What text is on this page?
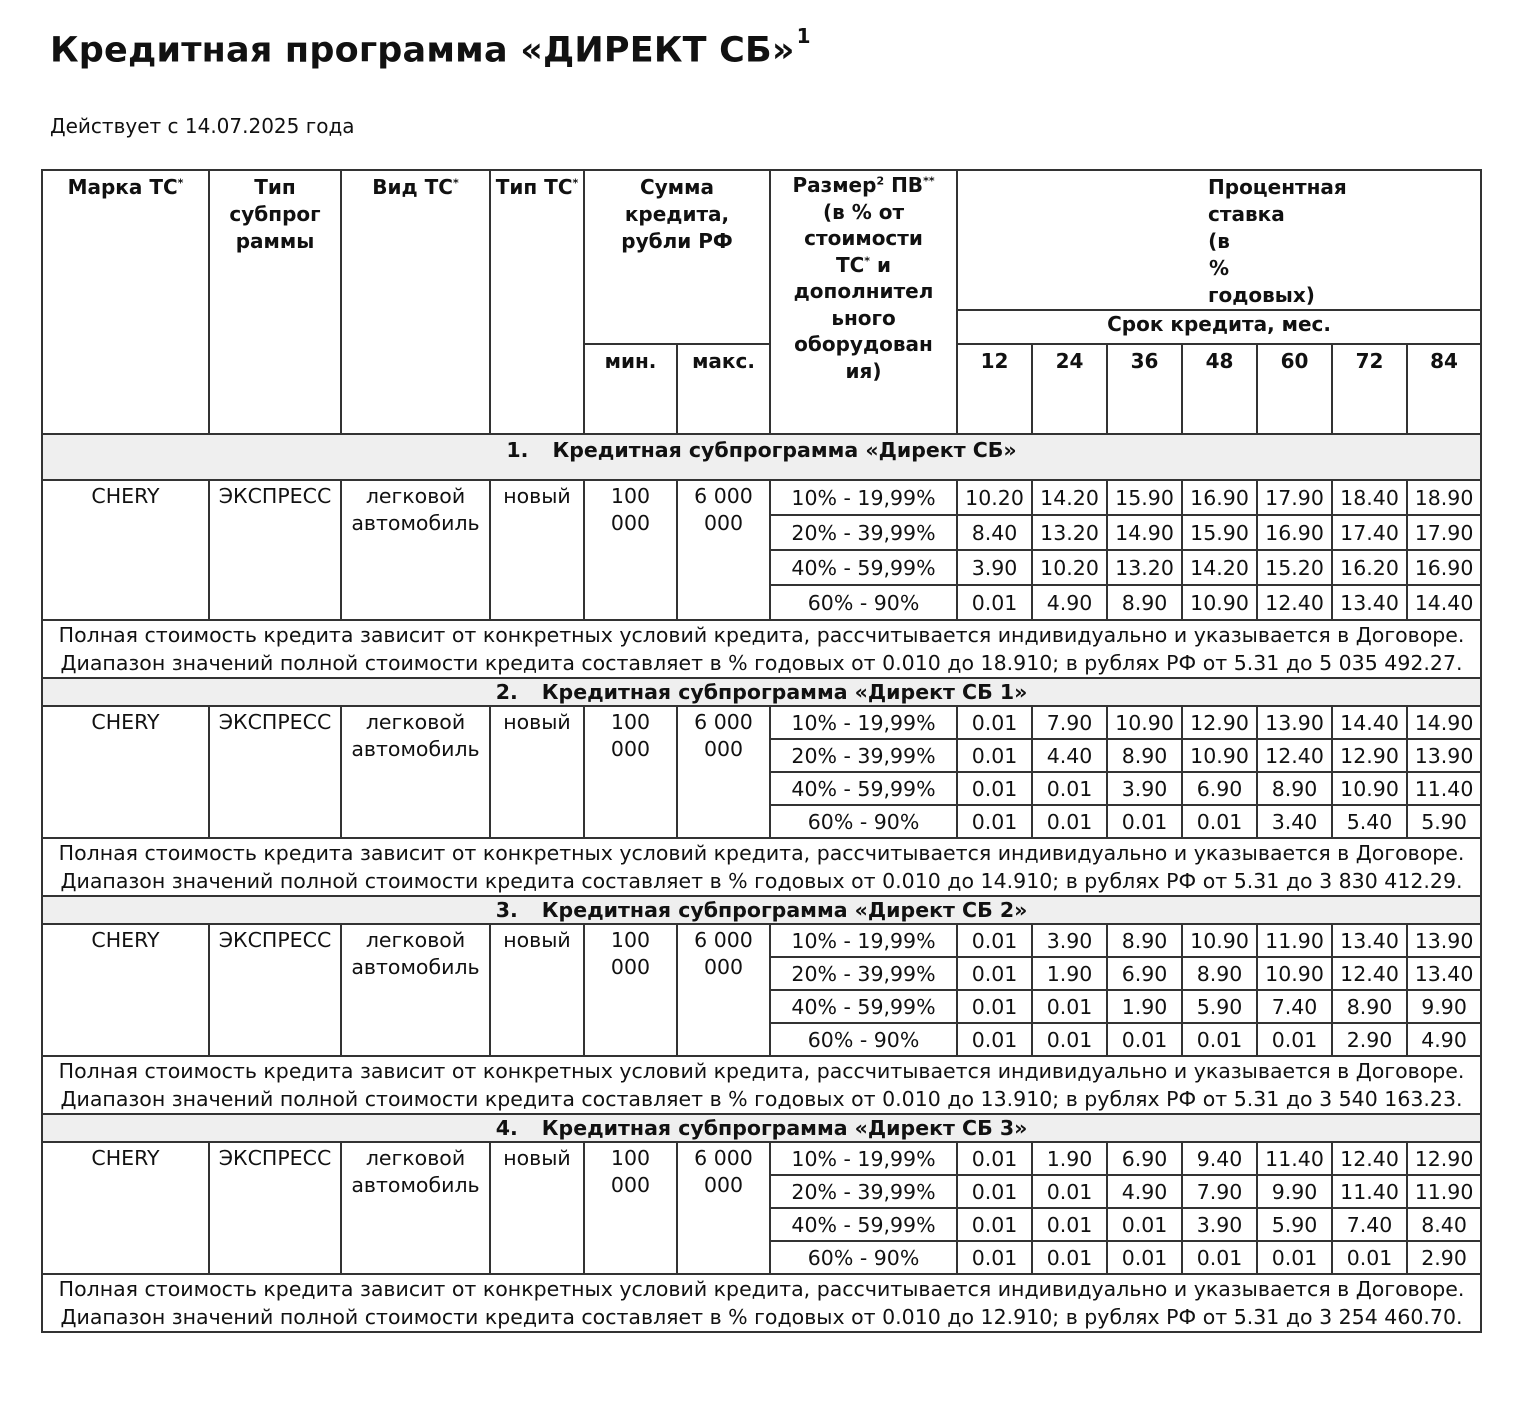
Кредитная программа «ДИРЕКТ СБ» $^1$
Действует с 14.07.2025 года
Марка ТС*	Тип субпрог раммы	Вид ТС*	Тип ТС*	Сумма кредита, рубли РФ		Размер$^2$ ПВ** (в % от стоимости ТС* и дополнител ьного оборудован ия)	Процентная ставка (в % годовых)						
							Срок кредита, мес.						
				мин.	макс.		12	24	36	48	60	72	84
1. Кредитная субпрограмма «Директ СБ»													
CHERY	ЭКСПРЕСС	легковой автомобиль	новый	100 000	6 000 000	10% - 19,99%	10.20	14.20	15.90	16.90	17.90	18.40	18.90
						20% - 39,99%	8.40	13.20	14.90	15.90	16.90	17.40	17.90
						40% - 59,99%	3.90	10.20	13.20	14.20	15.20	16.20	16.90
						60% - 90%	0.01	4.90	8.90	10.90	12.40	13.40	14.40
Полная стоимость кредита зависит от конкретных условий кредита, рассчитывается индивидуально и указывается в Договоре. Диапазон значений полной стоимости кредита составляет в % годовых от 0.010 до 18.910; в рублях РФ от 5.31 до 5 035 492.27.													
2. Кредитная субпрограмма «Директ СБ 1»													
CHERY	ЭКСПРЕСС	легковой автомобиль	новый	100 000	6 000 000	10% - 19,99%	0.01	7.90	10.90	12.90	13.90	14.40	14.90
						20% - 39,99%	0.01	4.40	8.90	10.90	12.40	12.90	13.90
						40% - 59,99%	0.01	0.01	3.90	6.90	8.90	10.90	11.40
						60% - 90%	0.01	0.01	0.01	0.01	3.40	5.40	5.90
Полная стоимость кредита зависит от конкретных условий кредита, рассчитывается индивидуально и указывается в Договоре. Диапазон значений полной стоимости кредита составляет в % годовых от 0.010 до 14.910; в рублях РФ от 5.31 до 3 830 412.29.													
3. Кредитная субпрограмма «Директ СБ 2»													
CHERY	ЭКСПРЕСС	легковой автомобиль	новый	100 000	6 000 000	10% - 19,99%	0.01	3.90	8.90	10.90	11.90	13.40	13.90
						20% - 39,99%	0.01	1.90	6.90	8.90	10.90	12.40	13.40
						40% - 59,99%	0.01	0.01	1.90	5.90	7.40	8.90	9.90
						60% - 90%	0.01	0.01	0.01	0.01	0.01	2.90	4.90
Полная стоимость кредита зависит от конкретных условий кредита, рассчитывается индивидуально и указывается в Договоре. Диапазон значений полной стоимости кредита составляет в % годовых от 0.010 до 13.910; в рублях РФ от 5.31 до 3 540 163.23.													
4. Кредитная субпрограмма «Директ СБ 3»													
CHERY	ЭКСПРЕСС	легковой автомобиль	новый	100 000	6 000 000	10% - 19,99%	0.01	1.90	6.90	9.40	11.40	12.40	12.90
						20% - 39,99%	0.01	0.01	4.90	7.90	9.90	11.40	11.90
						40% - 59,99%	0.01	0.01	0.01	3.90	5.90	7.40	8.40
						60% - 90%	0.01	0.01	0.01	0.01	0.01	0.01	2.90
Полная стоимость кредита зависит от конкретных условий кредита, рассчитывается индивидуально и указывается в Договоре. Диапазон значений полной стоимости кредита составляет в % годовых от 0.010 до 12.910; в рублях РФ от 5.31 до 3 254 460.70.													
